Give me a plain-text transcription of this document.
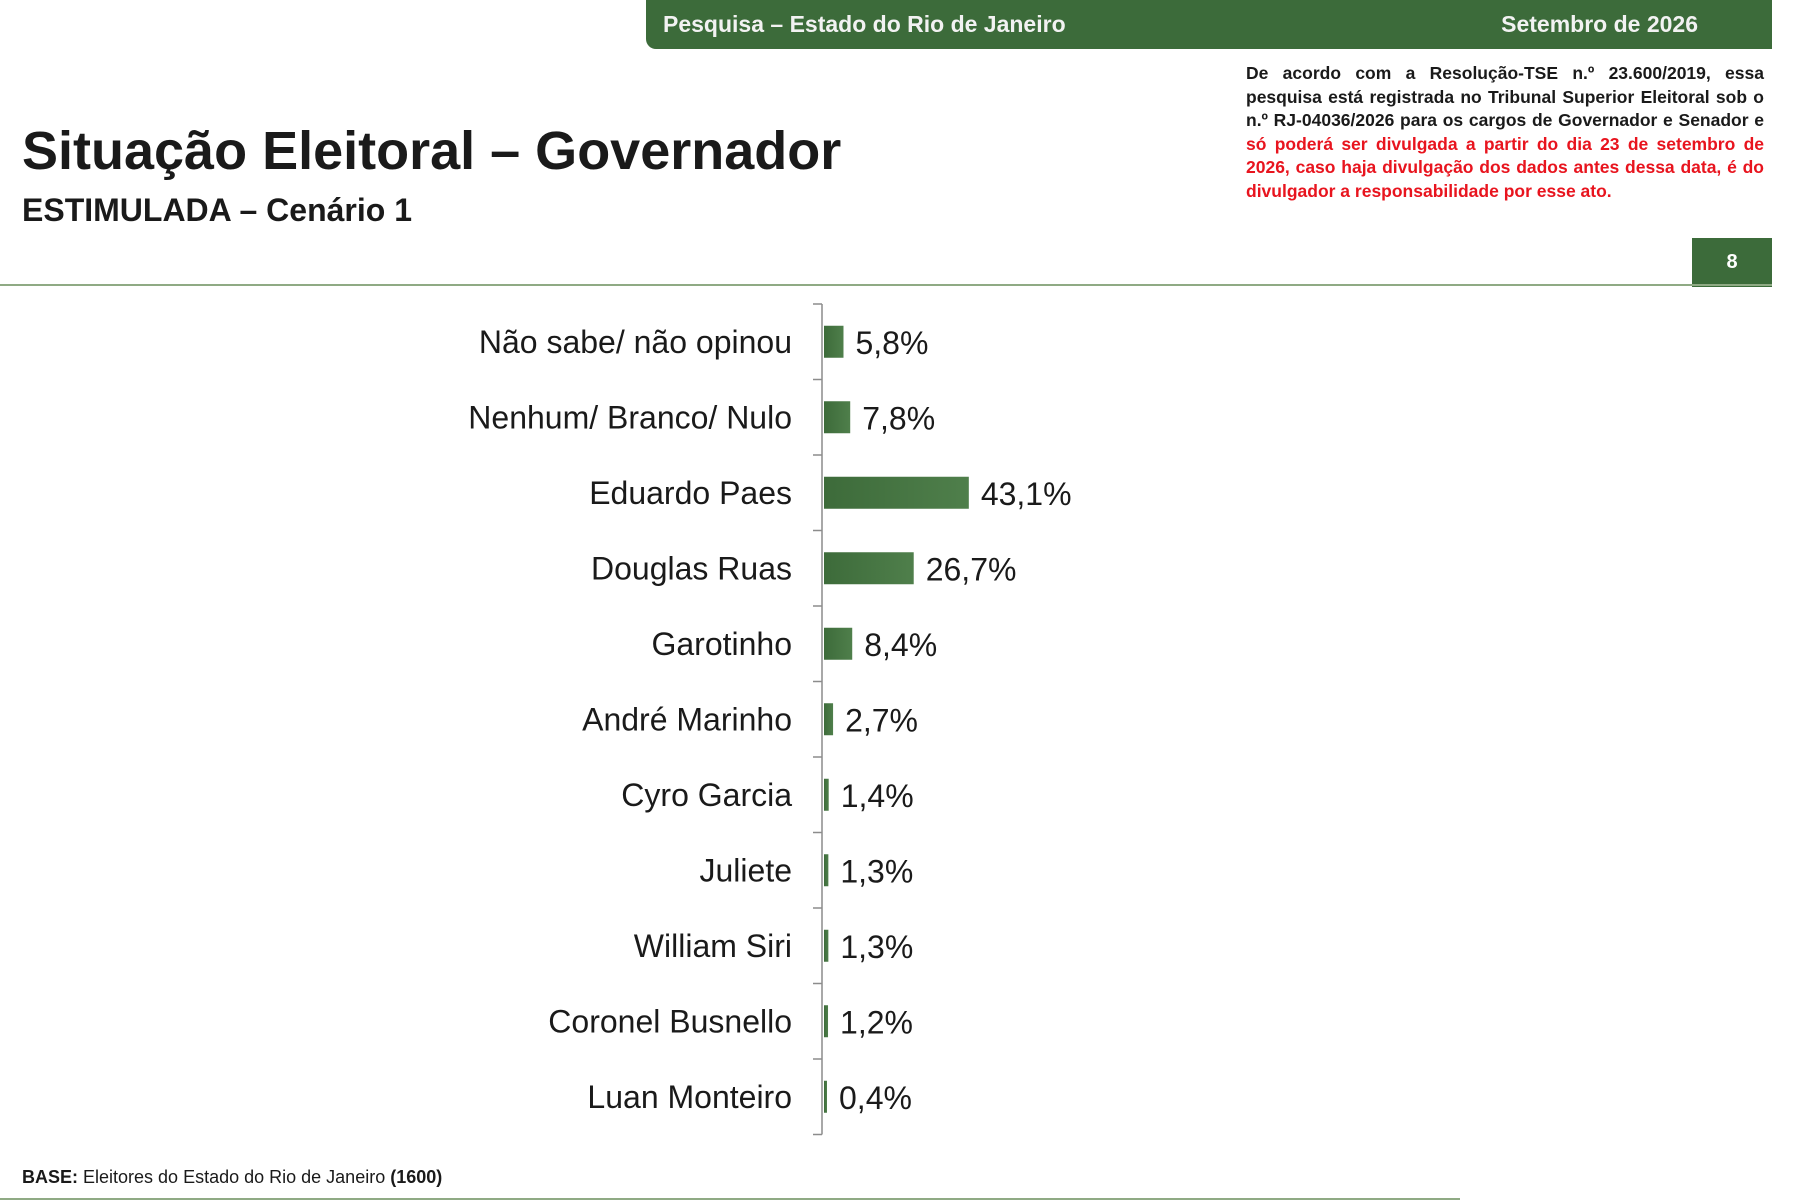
Pesquisa – Estado do Rio de Janeiro	Setembro de 2026
Situação Eleitoral – Governador
ESTIMULADA – Cenário 1

De acordo com a Resolução-TSE n.º 23.600/2019, essa pesquisa está registrada no Tribunal Superior Eleitoral sob o n.º RJ-04036/2026 para os cargos de Governador e Senador e só poderá ser divulgada a partir do dia 23 de setembro de 2026, caso haja divulgação dos dados antes dessa data, é do divulgador a responsabilidade por esse ato.

8
Não sabe/ não opinou 5,8%
Nenhum/ Branco/ Nulo 7,8%
Eduardo Paes	43,1%
Douglas Ruas	26,7%
Garotinho 8,4%
André Marinho 2,7%
Cyro Garcia 1,4%
Juliete 1,3%
William Siri 1,3%
Coronel Busnello 1,2%
Luan Monteiro 0,4%

BASE: Eleitores do Estado do Rio de Janeiro (1600)
